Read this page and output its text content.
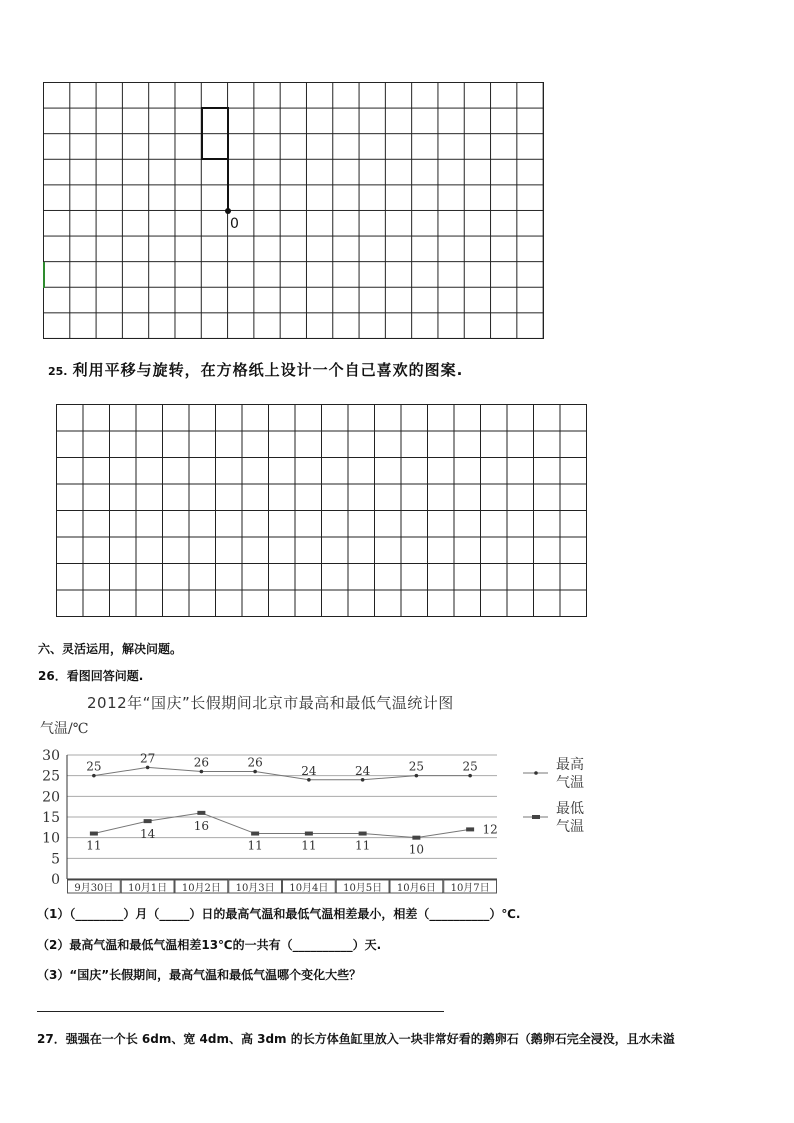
0
25. 利用平移与旋转，在方格纸上设计一个自己喜欢的图案.
六、灵活运用，解决问题。
26．看图回答问题.
2012年“国庆”长假期间北京市最高和最低气温统计图
气温/℃
0
5
10
15
20
25
30
9月30日 10月1日 10月2日 10月3日 10月4日 10月5日 10月6日 10月7日
25
27	26	26
24	24	25	25
11
14
16
11	11	11	10
12
最高
气温
最低
气温
（1）（________）月（_____）日的最高气温和最低气温相差最小，相差（__________）℃.
（2）最高气温和最低气温相差13℃的一共有（__________）天.
（3）“国庆”长假期间，最高气温和最低气温哪个变化大些？
27．强强在一个长 6dm、宽 4dm、高 3dm 的长方体鱼缸里放入一块非常好看的鹅卵石（鹅卵石完全浸没，且水未溢
